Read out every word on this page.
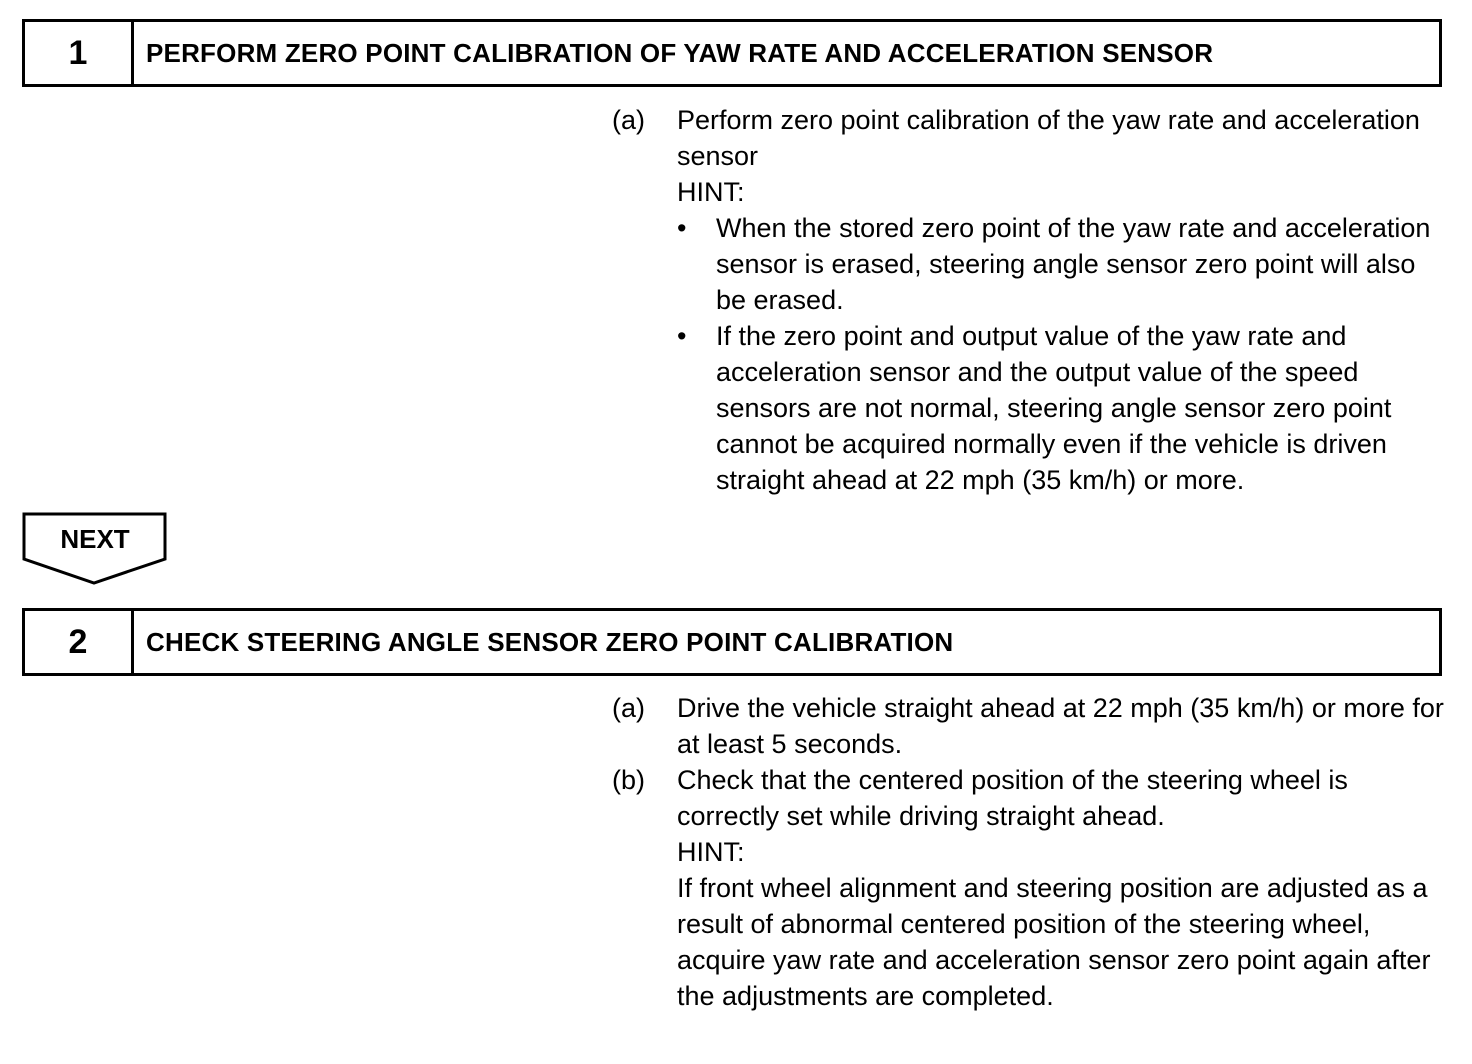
1	PERFORM ZERO POINT CALIBRATION OF YAW RATE AND ACCELERATION SENSOR
(a)	Perform zero point calibration of the yaw rate and acceleration sensor
HINT:
•	When the stored zero point of the yaw rate and acceleration sensor is erased, steering angle sensor zero point will also be erased.
•	If the zero point and output value of the yaw rate and acceleration sensor and the output value of the speed sensors are not normal, steering angle sensor zero point cannot be acquired normally even if the vehicle is driven straight ahead at 22 mph (35 km/h) or more.
NEXT
2	CHECK STEERING ANGLE SENSOR ZERO POINT CALIBRATION
(a)	Drive the vehicle straight ahead at 22 mph (35 km/h) or more for at least 5 seconds.
(b)	Check that the centered position of the steering wheel is correctly set while driving straight ahead.
HINT:
If front wheel alignment and steering position are adjusted as a result of abnormal centered position of the steering wheel, acquire yaw rate and acceleration sensor zero point again after the adjustments are completed.
